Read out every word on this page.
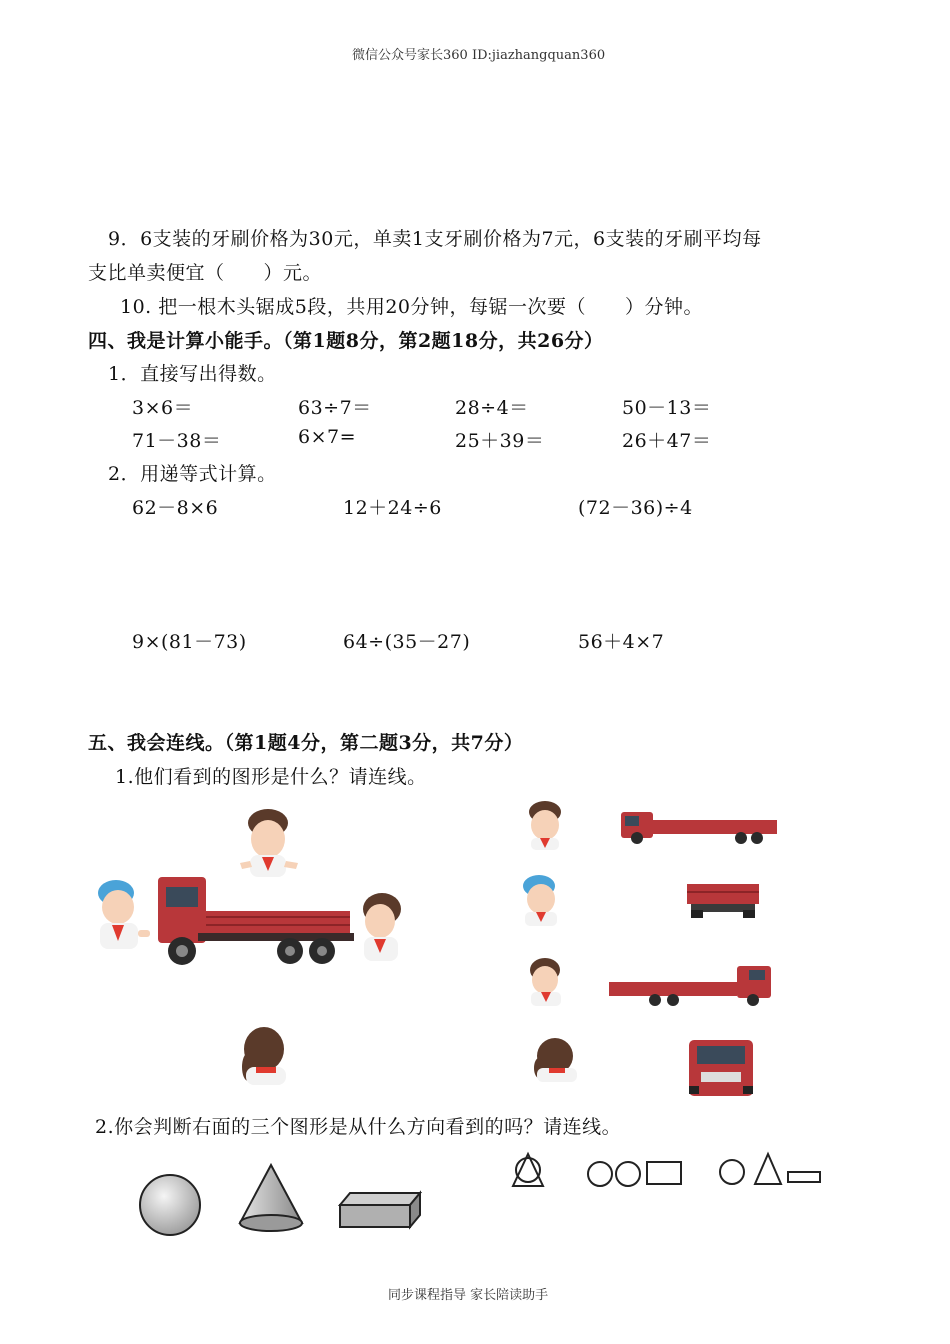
微信公众号家长360 ID:jiazhangquan360
9．6支装的牙刷价格为30元，单卖1支牙刷价格为7元，6支装的牙刷平均每
支比单卖便宜（　　）元。
10. 把一根木头锯成5段，共用20分钟，每锯一次要（　　）分钟。
四、我是计算小能手。（第1题8分，第2题18分，共26分）
1．直接写出得数。
3×6＝	63÷7＝	28÷4＝	50－13＝
71－38＝	6×7=	25＋39＝	26＋47＝
2．用递等式计算。
62－8×6	12＋24÷6	(72－36)÷4
9×(81－73)	64÷(35－27)	56＋4×7
五、我会连线。（第1题4分，第二题3分，共7分）
1.他们看到的图形是什么？请连线。
2.你会判断右面的三个图形是从什么方向看到的吗？请连线。
同步课程指导 家长陪读助手
